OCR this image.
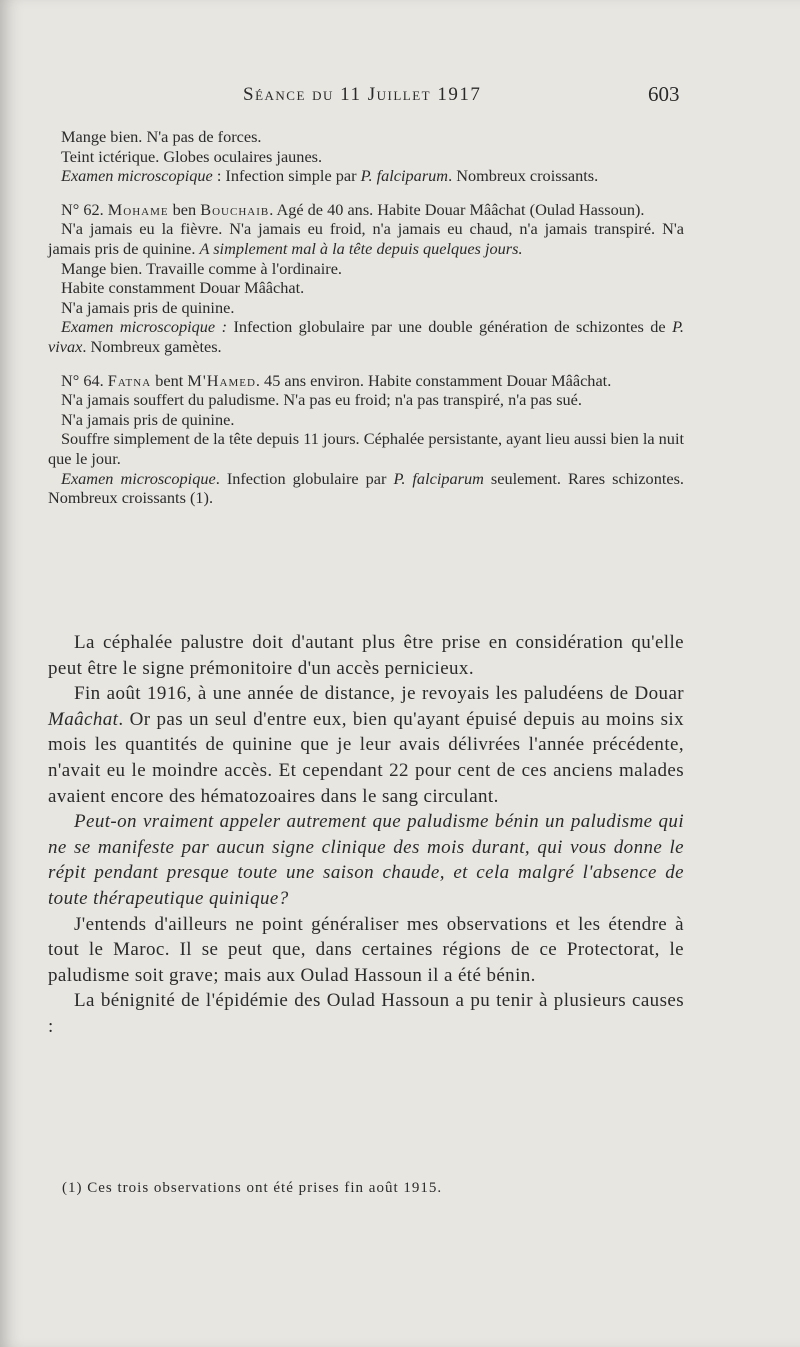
Séance du 11 Juillet 1917	603

Mange bien. N'a pas de forces.

Teint ictérique. Globes oculaires jaunes.

Examen microscopique : Infection simple par P. falciparum. Nombreux croissants.

N° 62. Mohame ben Bouchaib. Agé de 40 ans. Habite Douar Mââchat (Oulad Hassoun).

N'a jamais eu la fièvre. N'a jamais eu froid, n'a jamais eu chaud, n'a jamais transpiré. N'a jamais pris de quinine. A simplement mal à la tête depuis quelques jours.

Mange bien. Travaille comme à l'ordinaire.

Habite constamment Douar Mââchat.

N'a jamais pris de quinine.

Examen microscopique : Infection globulaire par une double génération de schizontes de P. vivax. Nombreux gamètes.

N° 64. Fatna bent M'Hamed. 45 ans environ. Habite constamment Douar Mââchat.

N'a jamais souffert du paludisme. N'a pas eu froid; n'a pas transpiré, n'a pas sué.

N'a jamais pris de quinine.

Souffre simplement de la tête depuis 11 jours. Céphalée persistante, ayant lieu aussi bien la nuit que le jour.

Examen microscopique. Infection globulaire par P. falciparum seulement. Rares schizontes. Nombreux croissants (1).

La céphalée palustre doit d'autant plus être prise en considération qu'elle peut être le signe prémonitoire d'un accès pernicieux.

Fin août 1916, à une année de distance, je revoyais les paludéens de Douar Maâchat. Or pas un seul d'entre eux, bien qu'ayant épuisé depuis au moins six mois les quantités de quinine que je leur avais délivrées l'année précédente, n'avait eu le moindre accès. Et cependant 22 pour cent de ces anciens malades avaient encore des hématozoaires dans le sang circulant.

Peut-on vraiment appeler autrement que paludisme bénin un paludisme qui ne se manifeste par aucun signe clinique des mois durant, qui vous donne le répit pendant presque toute une saison chaude, et cela malgré l'absence de toute thérapeutique quinique?

J'entends d'ailleurs ne point généraliser mes observations et les étendre à tout le Maroc. Il se peut que, dans certaines régions de ce Protectorat, le paludisme soit grave; mais aux Oulad Hassoun il a été bénin.

La bénignité de l'épidémie des Oulad Hassoun a pu tenir à plusieurs causes :

(1) Ces trois observations ont été prises fin août 1915.
